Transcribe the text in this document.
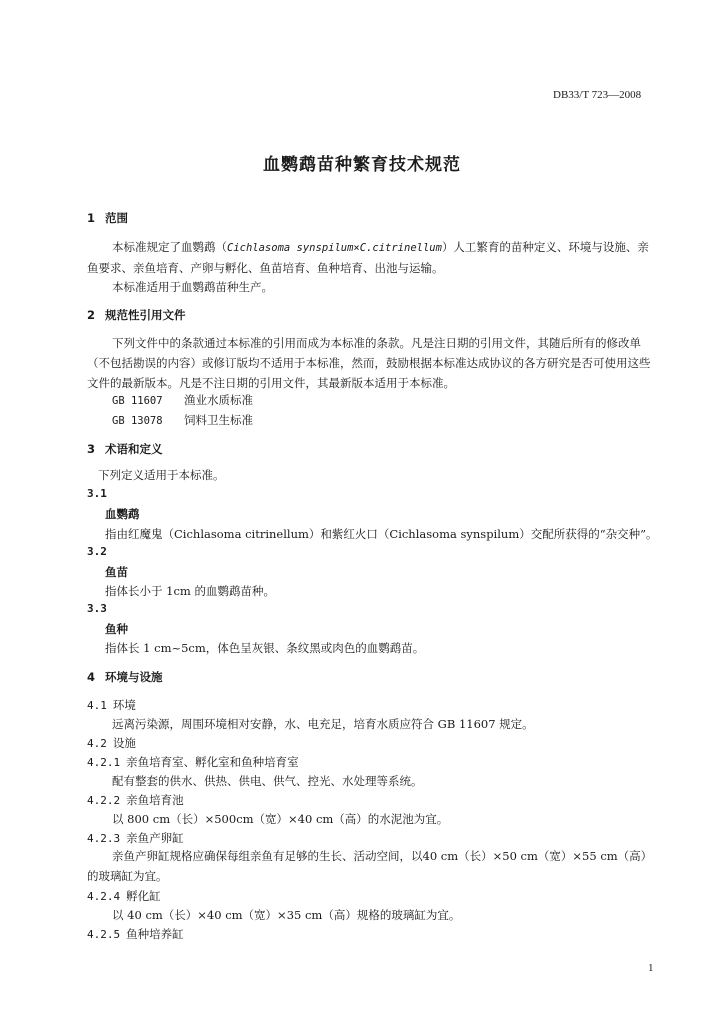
DB33/T 723—2008
血鹦鹉苗种繁育技术规范
1 范围
本标准规定了血鹦鹉（Cichlasoma synspilum×C.citrinellum）人工繁育的苗种定义、环境与设施、亲鱼要求、亲鱼培育、产卵与孵化、鱼苗培育、鱼种培育、出池与运输。
本标准适用于血鹦鹉苗种生产。
2 规范性引用文件
下列文件中的条款通过本标准的引用而成为本标准的条款。凡是注日期的引用文件，其随后所有的修改单（不包括勘误的内容）或修订版均不适用于本标准，然而，鼓励根据本标准达成协议的各方研究是否可使用这些文件的最新版本。凡是不注日期的引用文件，其最新版本适用于本标准。
GB 11607 渔业水质标准
GB 13078 饲料卫生标准
3 术语和定义
下列定义适用于本标准。
3.1
血鹦鹉
指由红魔鬼（Cichlasoma citrinellum）和紫红火口（Cichlasoma synspilum）交配所获得的“杂交种”。
3.2
鱼苗
指体长小于 1cm 的血鹦鹉苗种。
3.3
鱼种
指体长 1 cm~5cm，体色呈灰银、条纹黑或肉色的血鹦鹉苗。
4 环境与设施
4.1 环境
远离污染源，周围环境相对安静，水、电充足，培育水质应符合 GB 11607 规定。
4.2 设施
4.2.1 亲鱼培育室、孵化室和鱼种培育室
配有整套的供水、供热、供电、供气、控光、水处理等系统。
4.2.2 亲鱼培育池
以 800 cm（长）×500cm（宽）×40 cm（高）的水泥池为宜。
4.2.3 亲鱼产卵缸
亲鱼产卵缸规格应确保每组亲鱼有足够的生长、活动空间，以40 cm（长）×50 cm（宽）×55 cm（高）的玻璃缸为宜。
4.2.4 孵化缸
以 40 cm（长）×40 cm（宽）×35 cm（高）规格的玻璃缸为宜。
4.2.5 鱼种培养缸
1
